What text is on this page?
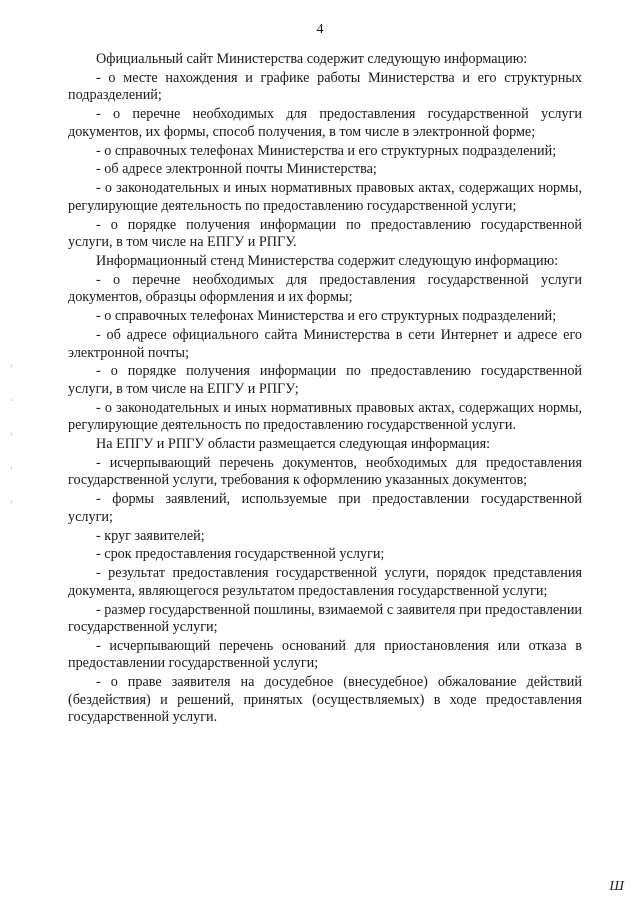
4

Официальный сайт Министерства содержит следующую информацию:

- о месте нахождения и графике работы Министерства и его структурных подразделений;

- о перечне необходимых для предоставления государственной услуги документов, их формы, способ получения, в том числе в электронной форме;

- о справочных телефонах Министерства и его структурных подразделений;

- об адресе электронной почты Министерства;

- о законодательных и иных нормативных правовых актах, содержащих нормы, регулирующие деятельность по предоставлению государственной услуги;

- о порядке получения информации по предоставлению государственной услуги, в том числе на ЕПГУ и РПГУ.

Информационный стенд Министерства содержит следующую информацию:

- о перечне необходимых для предоставления государственной услуги документов, образцы оформления и их формы;

- о справочных телефонах Министерства и его структурных подразделений;

- об адресе официального сайта Министерства в сети Интернет и адресе его электронной почты;

- о порядке получения информации по предоставлению государственной услуги, в том числе на ЕПГУ и РПГУ;

- о законодательных и иных нормативных правовых актах, содержащих нормы, регулирующие деятельность по предоставлению государственной услуги.

На ЕПГУ и РПГУ области размещается следующая информация:

- исчерпывающий перечень документов, необходимых для предоставления государственной услуги, требования к оформлению указанных документов;

- формы заявлений, используемые при предоставлении государственной услуги;

- круг заявителей;

- срок предоставления государственной услуги;

- результат предоставления государственной услуги, порядок представления документа, являющегося результатом предоставления государственной услуги;

- размер государственной пошлины, взимаемой с заявителя при предоставлении государственной услуги;

- исчерпывающий перечень оснований для приостановления или отказа в предоставлении государственной услуги;

- о праве заявителя на досудебное (внесудебное) обжалование действий (бездействия) и решений, принятых (осуществляемых) в ходе предоставления государственной услуги.

·
·
·
·
·
Ш
